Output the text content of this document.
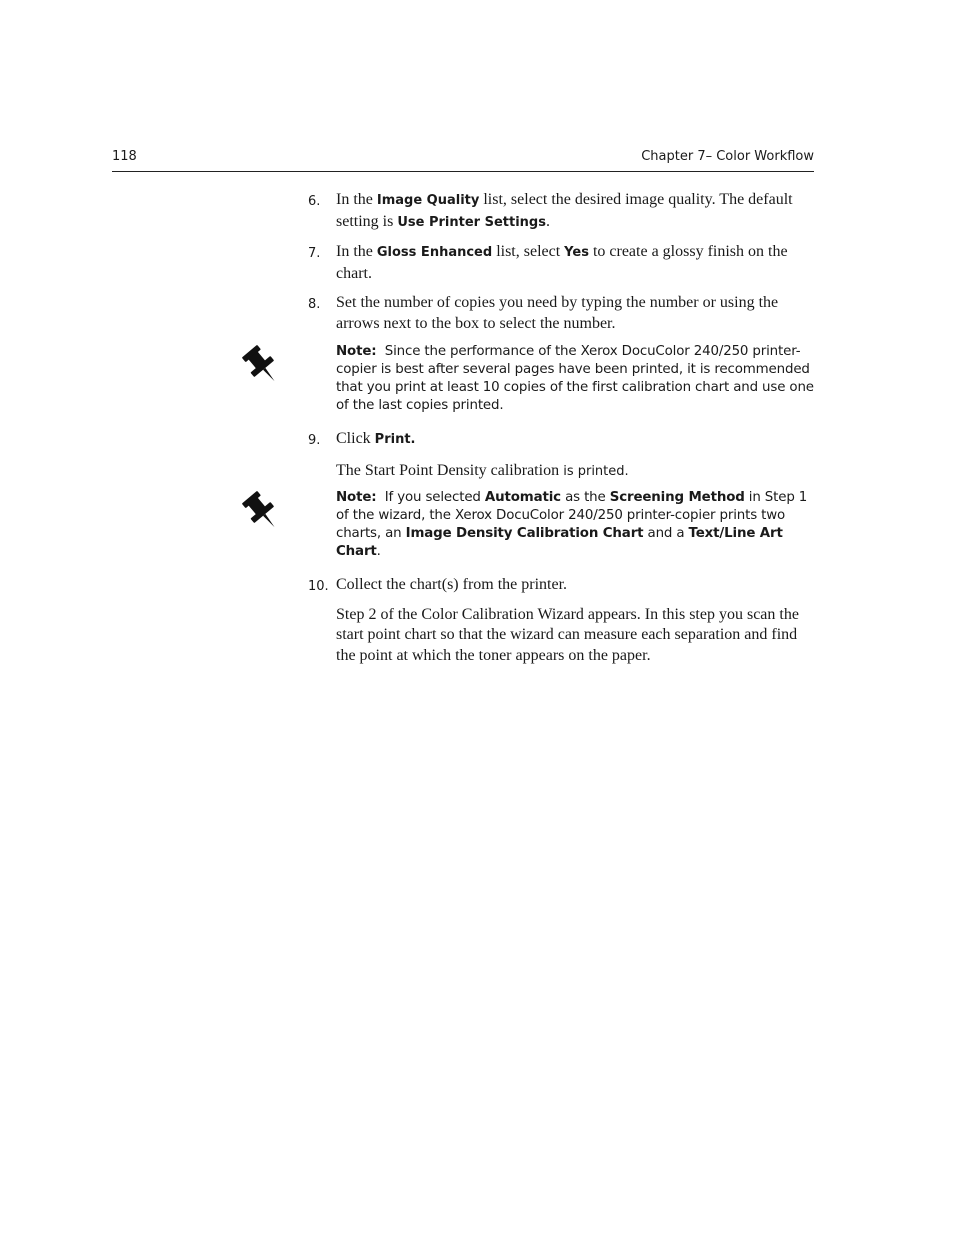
118	Chapter 7– Color Workflow
6. In the Image Quality list, select the desired image quality. The default setting is Use Printer Settings.
7. In the Gloss Enhanced list, select Yes to create a glossy finish on the chart.
8. Set the number of copies you need by typing the number or using the arrows next to the box to select the number.
Note: Since the performance of the Xerox DocuColor 240/250 printer-copier is best after several pages have been printed, it is recommended that you print at least 10 copies of the first calibration chart and use one of the last copies printed.
9. Click Print.
The Start Point Density calibration is printed.
Note: If you selected Automatic as the Screening Method in Step 1 of the wizard, the Xerox DocuColor 240/250 printer-copier prints two charts, an Image Density Calibration Chart and a Text/Line Art Chart.
10. Collect the chart(s) from the printer.
Step 2 of the Color Calibration Wizard appears. In this step you scan the start point chart so that the wizard can measure each separation and find the point at which the toner appears on the paper.
